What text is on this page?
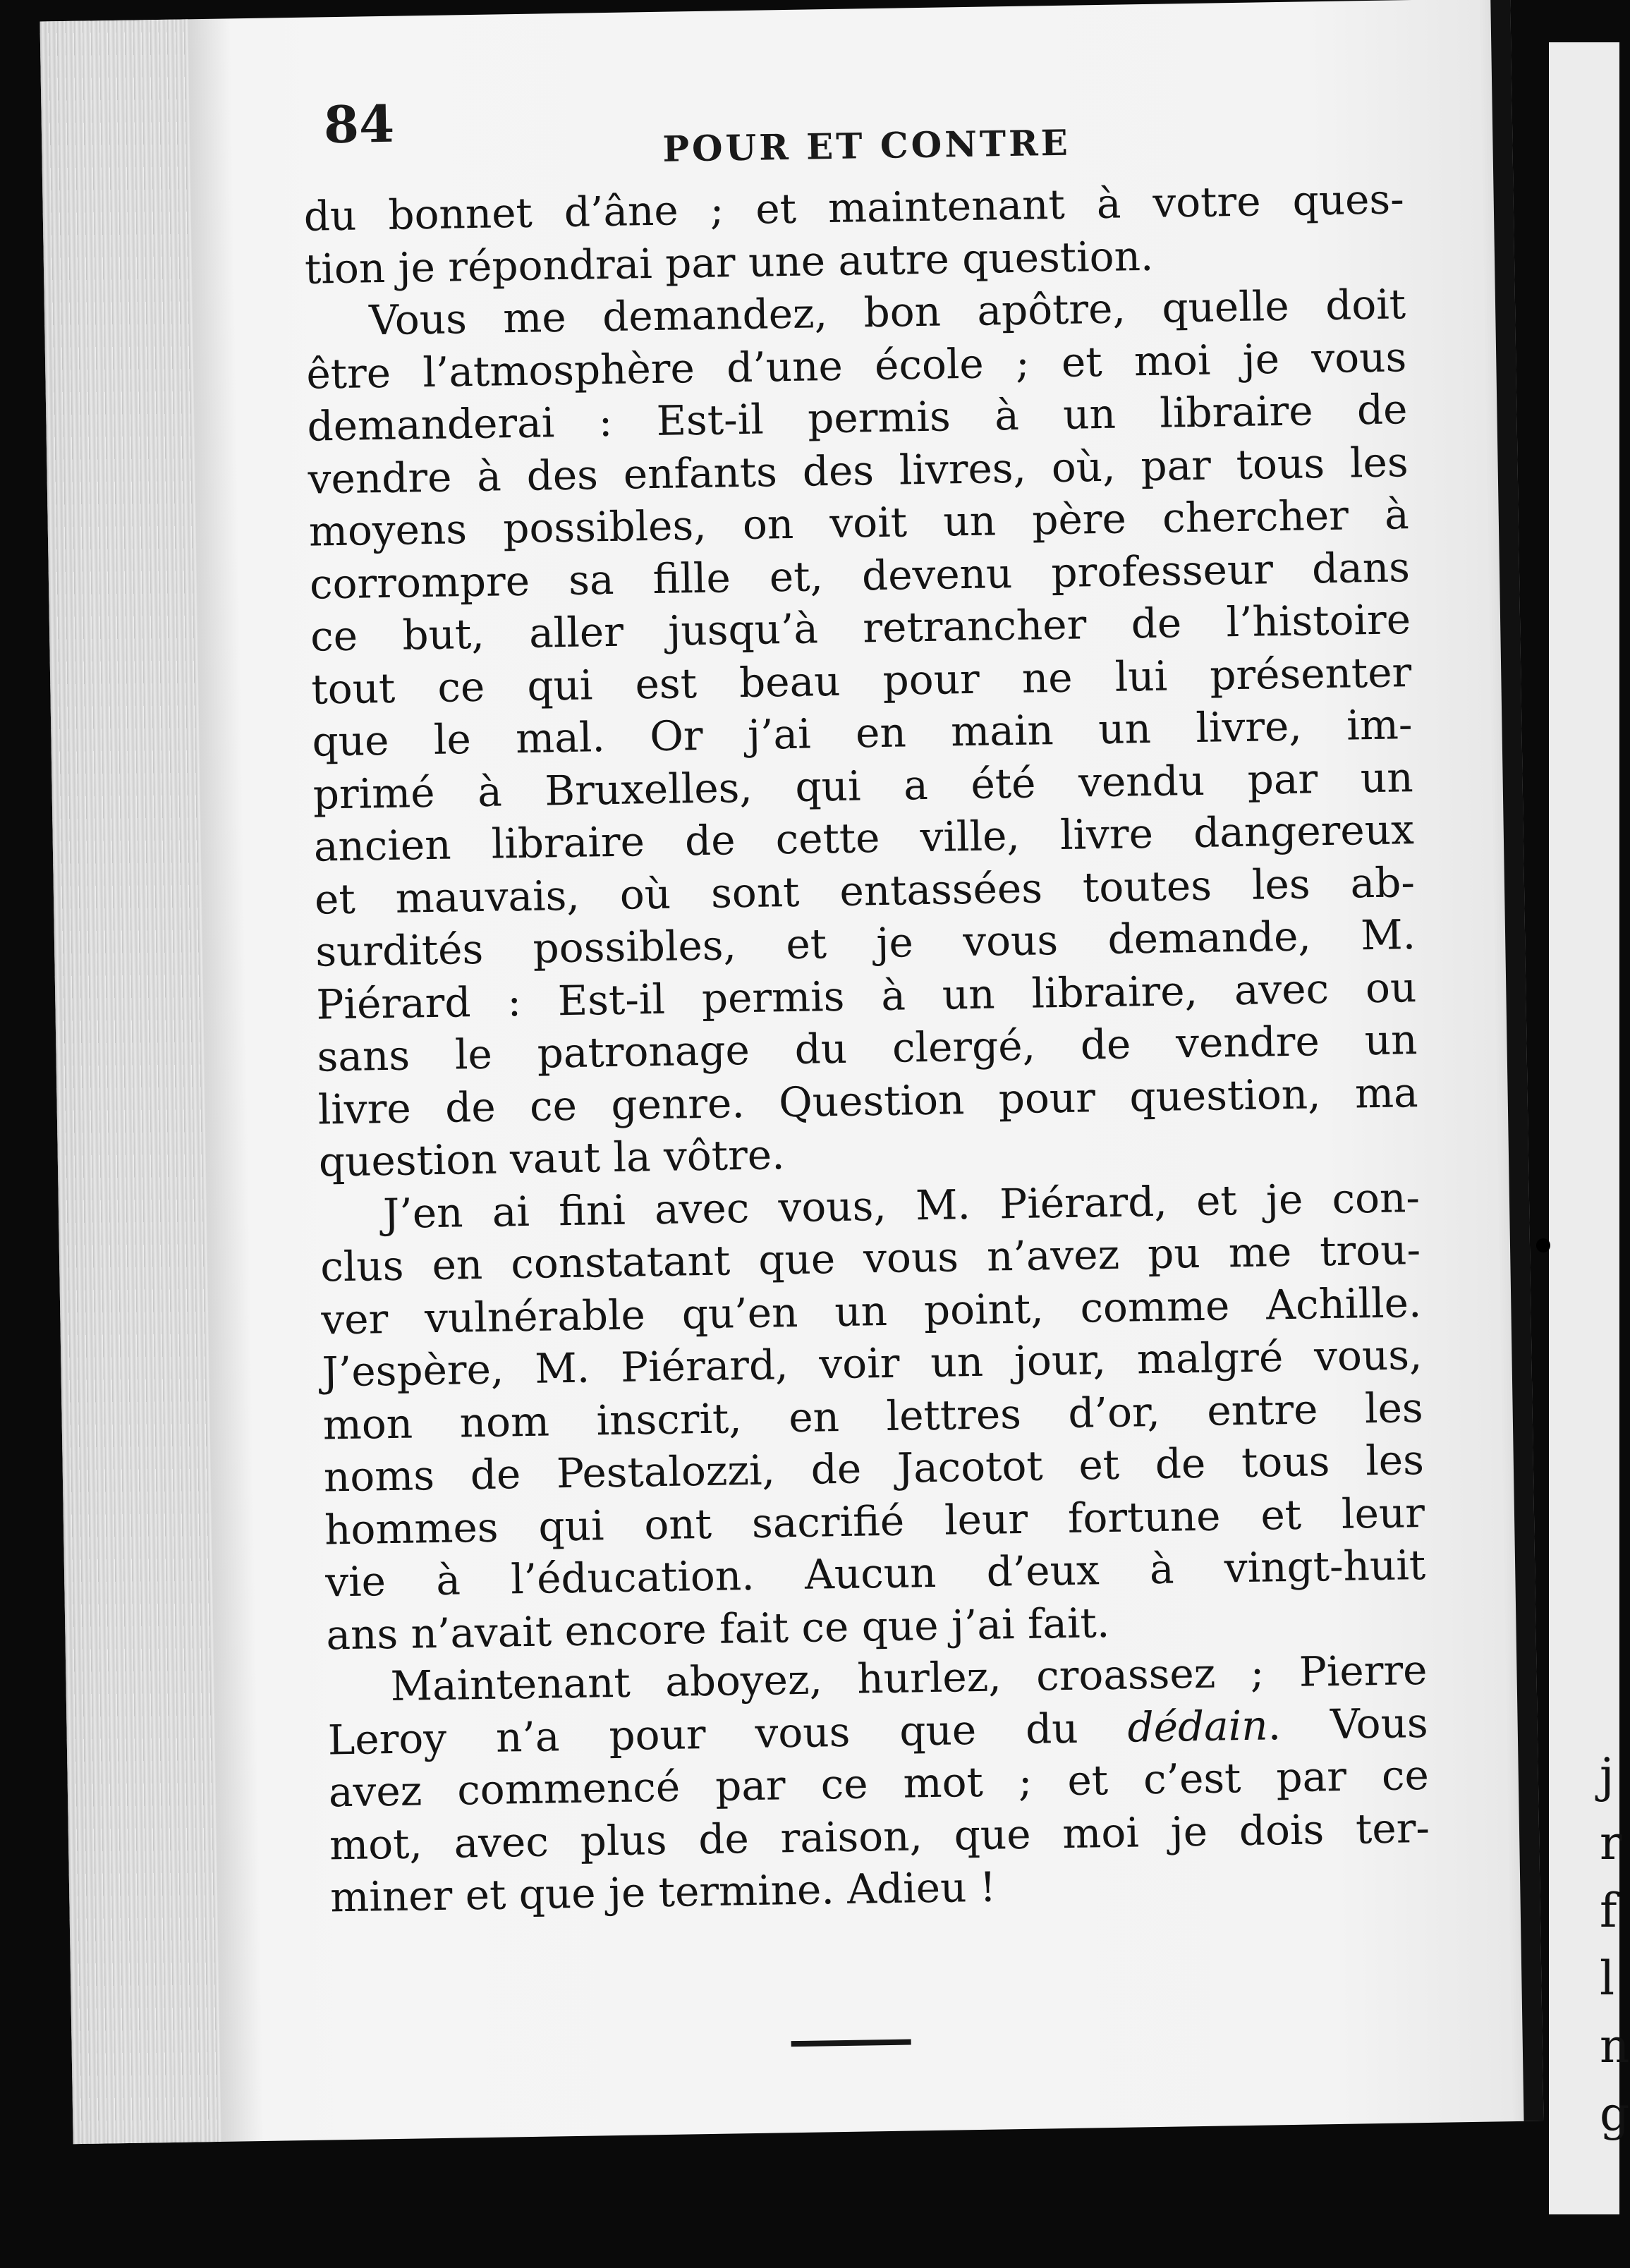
j
r
f
l
n
g
84	POUR ET CONTRE
du bonnet d’âne ; et maintenant à votre ques-
tion je répondrai par une autre question.
Vous me demandez, bon apôtre, quelle doit
être l’atmosphère d’une école ; et moi je vous
demanderai : Est-il permis à un libraire de
vendre à des enfants des livres, où, par tous les
moyens possibles, on voit un père chercher à
corrompre sa fille et, devenu professeur dans
ce but, aller jusqu’à retrancher de l’histoire
tout ce qui est beau pour ne lui présenter
que le mal. Or j’ai en main un livre, im-
primé à Bruxelles, qui a été vendu par un
ancien libraire de cette ville, livre dangereux
et mauvais, où sont entassées toutes les ab-
surdités possibles, et je vous demande, M.
Piérard : Est-il permis à un libraire, avec ou
sans le patronage du clergé, de vendre un
livre de ce genre. Question pour question, ma
question vaut la vôtre.
J’en ai fini avec vous, M. Piérard, et je con-
clus en constatant que vous n’avez pu me trou-
ver vulnérable qu’en un point, comme Achille.
J’espère, M. Piérard, voir un jour, malgré vous,
mon nom inscrit, en lettres d’or, entre les
noms de Pestalozzi, de Jacotot et de tous les
hommes qui ont sacrifié leur fortune et leur
vie à l’éducation. Aucun d’eux à vingt-huit
ans n’avait encore fait ce que j’ai fait.
Maintenant aboyez, hurlez, croassez ; Pierre
Leroy n’a pour vous que du dédain. Vous
avez commencé par ce mot ; et c’est par ce
mot, avec plus de raison, que moi je dois ter-
miner et que je termine. Adieu !
